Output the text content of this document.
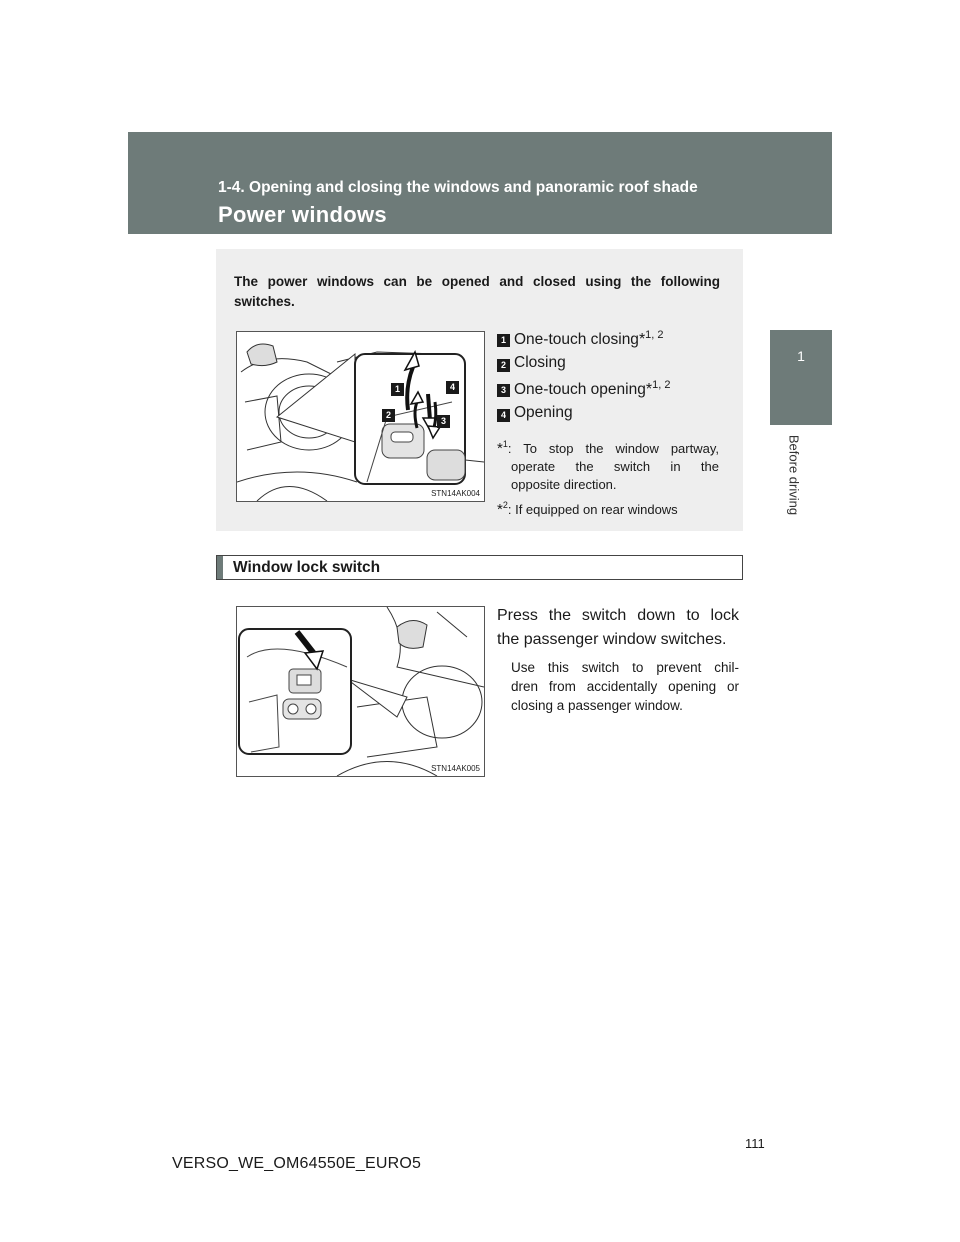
1-4. Opening and closing the windows and panoramic roof shade
Power windows
1
Before driving
The power windows can be opened and closed using the following
switches.
1
2
3
4
STN14AK004
1 One-touch closing*$^{1, 2}$
2 Closing
3 One-touch opening*$^{1, 2}$
4 Opening
*$^1$: To stop the window partway,
operate the switch in the
opposite direction.
*$^2$: If equipped on rear windows
Window lock switch
STN14AK005
Press the switch down to lock
the passenger window switches.
Use this switch to prevent chil-
dren from accidentally opening or
closing a passenger window.
111
VERSO_WE_OM64550E_EURO5
